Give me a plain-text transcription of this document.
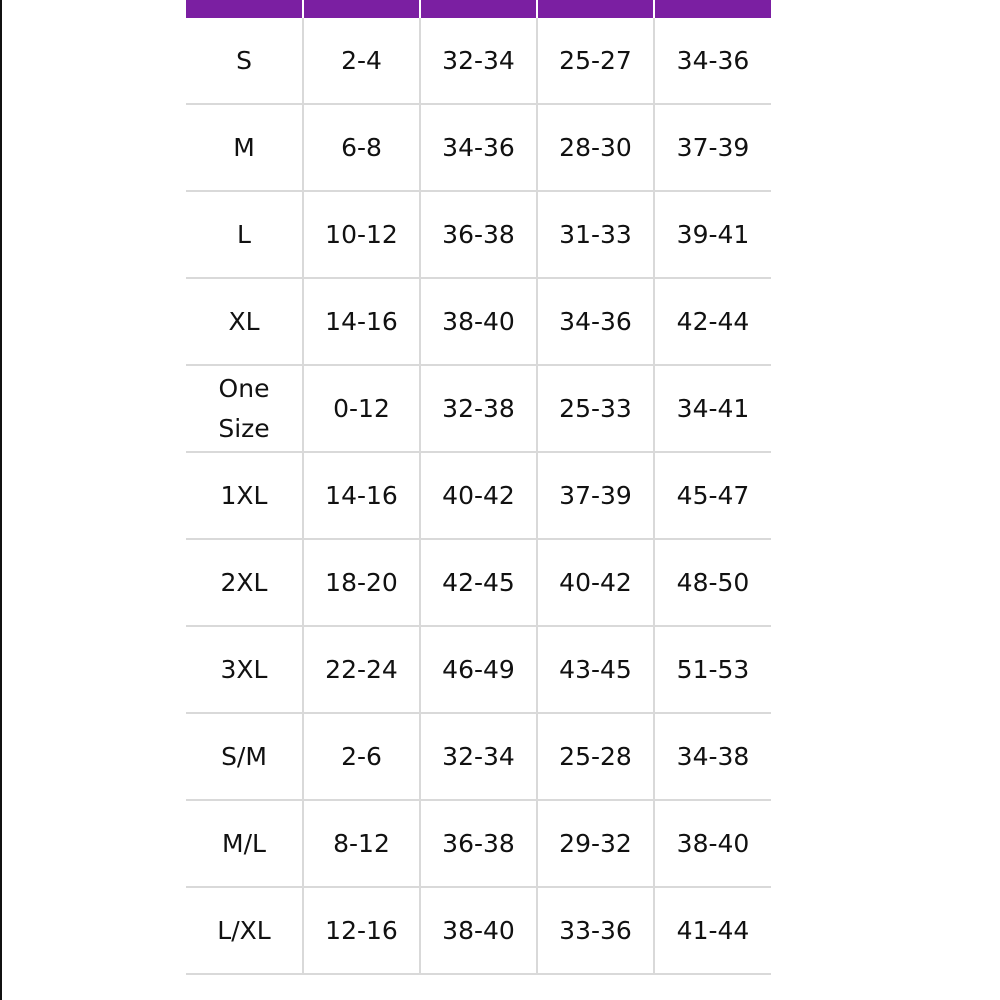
S	2-4	32-34	25-27	34-36
M	6-8	34-36	28-30	37-39
L	10-12	36-38	31-33	39-41
XL	14-16	38-40	34-36	42-44
One
Size	0-12	32-38	25-33	34-41
1XL	14-16	40-42	37-39	45-47
2XL	18-20	42-45	40-42	48-50
3XL	22-24	46-49	43-45	51-53
S/M	2-6	32-34	25-28	34-38
M/L	8-12	36-38	29-32	38-40
L/XL	12-16	38-40	33-36	41-44
